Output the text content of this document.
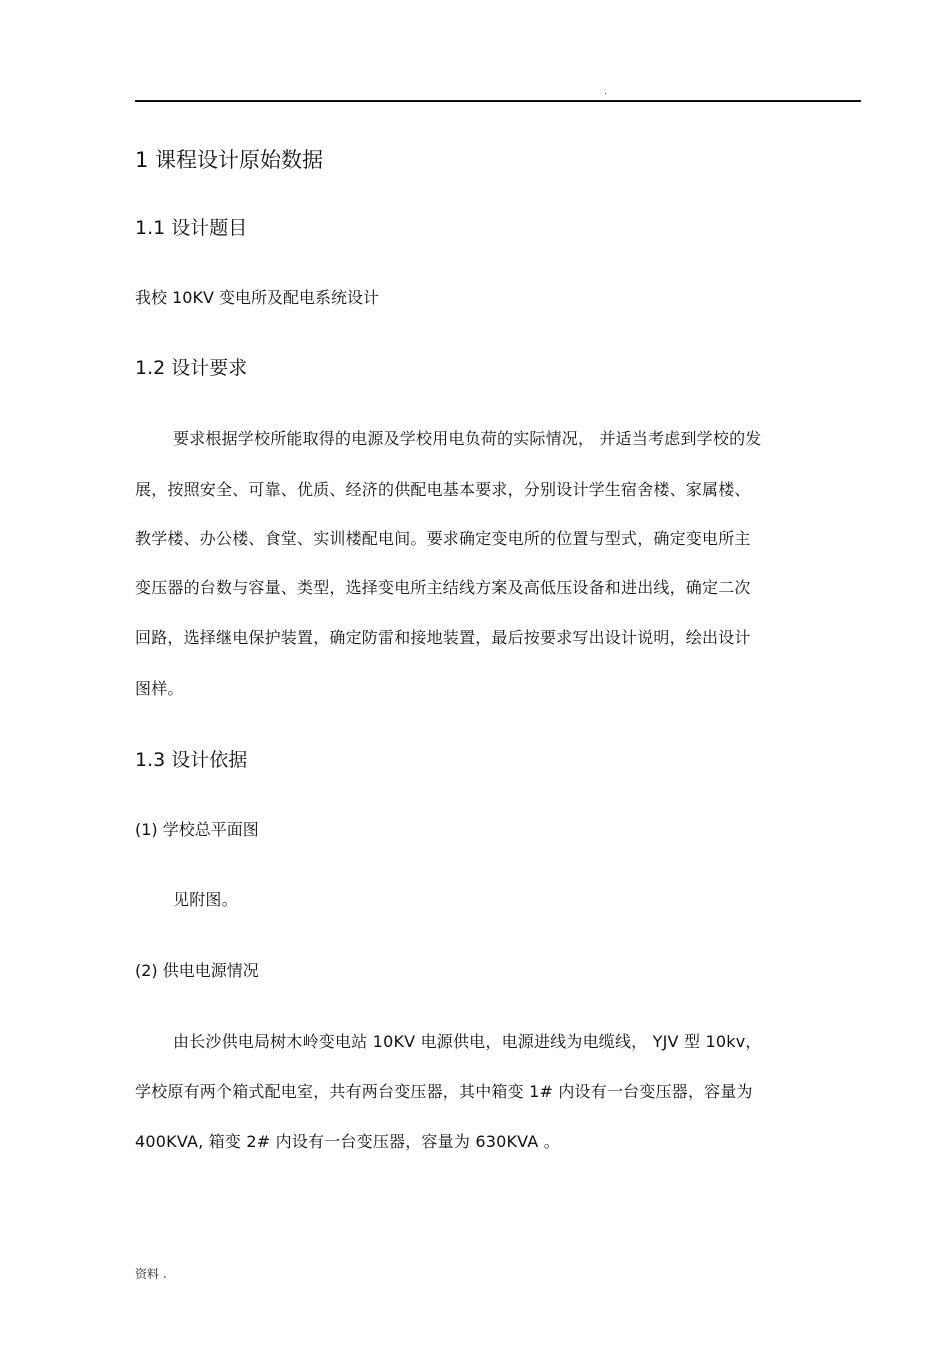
.
1 课程设计原始数据
1.1 设计题目
我校 10KV 变电所及配电系统设计
1.2 设计要求
要求根据学校所能取得的电源及学校用电负荷的实际情况， 并适当考虑到学校的发
展，按照安全、可靠、优质、经济的供配电基本要求，分别设计学生宿舍楼、家属楼、
教学楼、办公楼、食堂、实训楼配电间。要求确定变电所的位置与型式，确定变电所主
变压器的台数与容量、类型，选择变电所主结线方案及高低压设备和进出线，确定二次
回路，选择继电保护装置，确定防雷和接地装置，最后按要求写出设计说明，绘出设计
图样。
1.3 设计依据
(1) 学校总平面图
见附图。
(2) 供电电源情况
由长沙供电局树木岭变电站 10KV 电源供电，电源进线为电缆线， YJV 型 10kv，
学校原有两个箱式配电室，共有两台变压器，其中箱变 1# 内设有一台变压器，容量为
400KVA, 箱变 2# 内设有一台变压器，容量为 630KVA 。
资料 .
